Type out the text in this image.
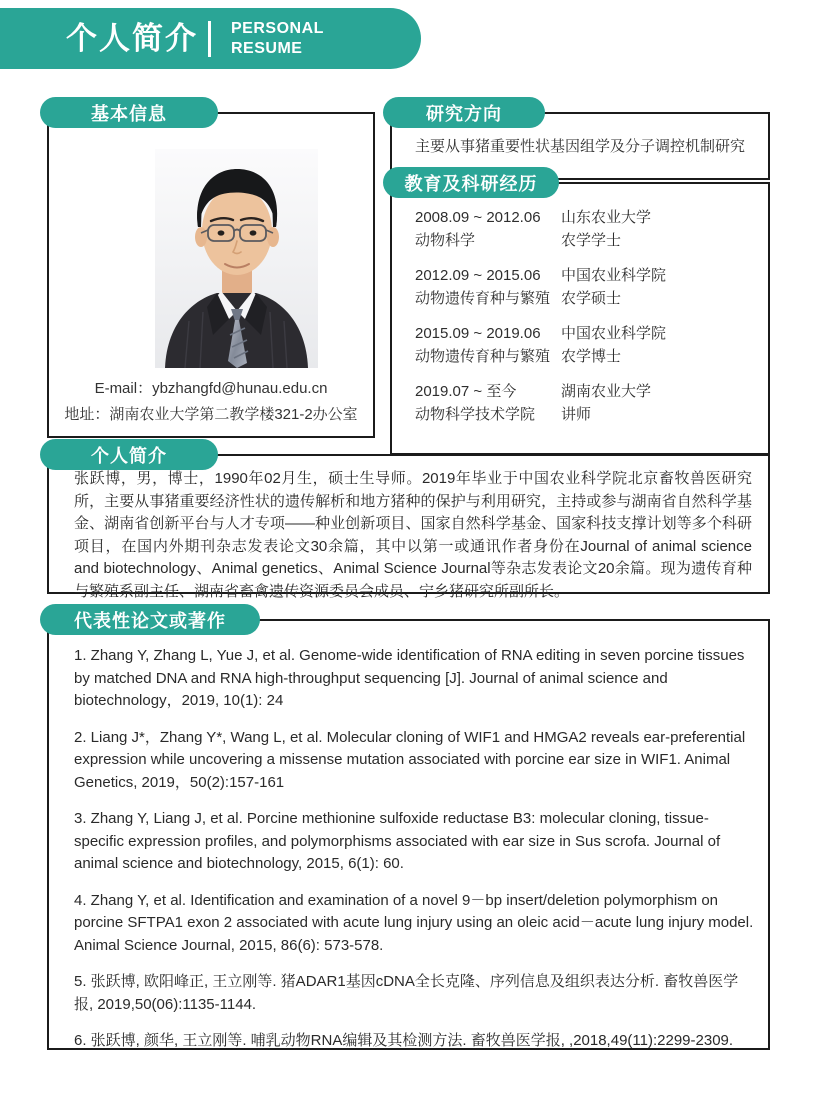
个人简介 PERSONAL
RESUME
基本信息	研究方向
教育及科研经历
个人简介
代表性论文或著作
E-mail：ybzhangfd@hunau.edu.cn
地址：湖南农业大学第二教学楼321-2办公室
主要从事猪重要性状基因组学及分子调控机制研究
2008.09 ~ 2012.06	山东农业大学
动物科学	农学学士
2012.09 ~ 2015.06	中国农业科学院
动物遗传育种与繁殖 农学硕士
2015.09 ~ 2019.06	中国农业科学院
动物遗传育种与繁殖 农学博士
2019.07 ~ 至今	湖南农业大学
动物科学技术学院	讲师
张跃博，男，博士，1990年02月生，硕士生导师。2019年毕业于中国农业科学院北京畜牧兽医研究所，主要从事猪重要经济性状的遗传解析和地方猪种的保护与利用研究，主持或参与湖南省自然科学基金、湖南省创新平台与人才专项——种业创新项目、国家自然科学基金、国家科技支撑计划等多个科研项目，在国内外期刊杂志发表论文30余篇，其中以第一或通讯作者身份在Journal of animal science and biotechnology、Animal genetics、Animal Science Journal等杂志发表论文20余篇。现为遗传育种与繁殖系副主任、湖南省畜禽遗传资源委员会成员、宁乡猪研究所副所长。

1. Zhang Y, Zhang L, Yue J, et al. Genome-wide identification of RNA editing in seven porcine tissues by matched DNA and RNA high-throughput sequencing [J]. Journal of animal science and biotechnology，2019, 10(1): 24

2. Liang J*，Zhang Y*, Wang L, et al. Molecular cloning of WIF1 and HMGA2 reveals ear-preferential expression while uncovering a missense mutation associated with porcine ear size in WIF1. Animal Genetics, 2019，50(2):157-161

3. Zhang Y, Liang J, et al. Porcine methionine sulfoxide reductase B3: molecular cloning, tissue-specific expression profiles, and polymorphisms associated with ear size in Sus scrofa. Journal of animal science and biotechnology, 2015, 6(1): 60.

4. Zhang Y, et al. Identification and examination of a novel 9－bp insert/deletion polymorphism on porcine SFTPA1 exon 2 associated with acute lung injury using an oleic acid－acute lung injury model. Animal Science Journal, 2015, 86(6): 573-578.

5. 张跃博, 欧阳峰正, 王立刚等. 猪ADAR1基因cDNA全长克隆、序列信息及组织表达分析. 畜牧兽医学报, 2019,50(06):1135-1144.

6. 张跃博, 颜华, 王立刚等. 哺乳动物RNA编辑及其检测方法. 畜牧兽医学报, ,2018,49(11):2299-2309.
